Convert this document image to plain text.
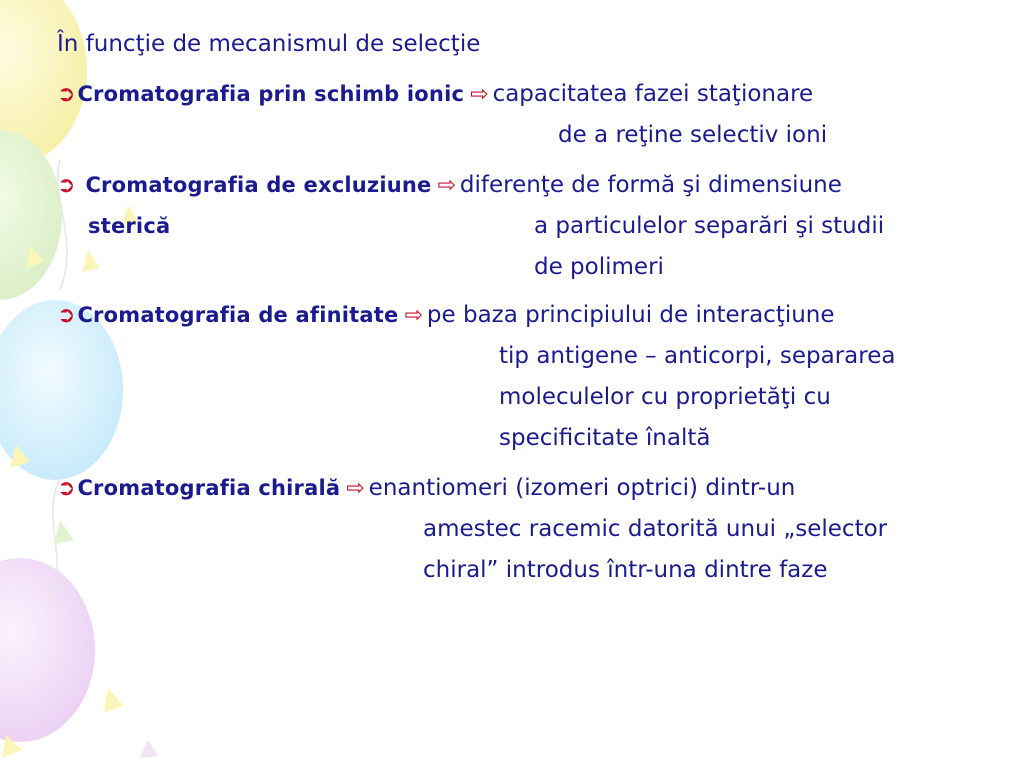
În funcţie de mecanismul de selecţie
➲Cromatografia prin schimb ionic ⇨ capacitatea fazei staţionare
de a reţine selectiv ioni
➲ Cromatografia de excluziune ⇨ diferenţe de formă şi dimensiune
sterică	a particulelor separări şi studii
de polimeri
➲Cromatografia de afinitate ⇨ pe baza principiului de interacţiune
tip antigene – anticorpi, separarea
moleculelor cu proprietăţi cu
specificitate înaltă
➲Cromatografia chirală ⇨ enantiomeri (izomeri optrici) dintr-un
amestec racemic datorită unui „selector
chiral” introdus într-una dintre faze
